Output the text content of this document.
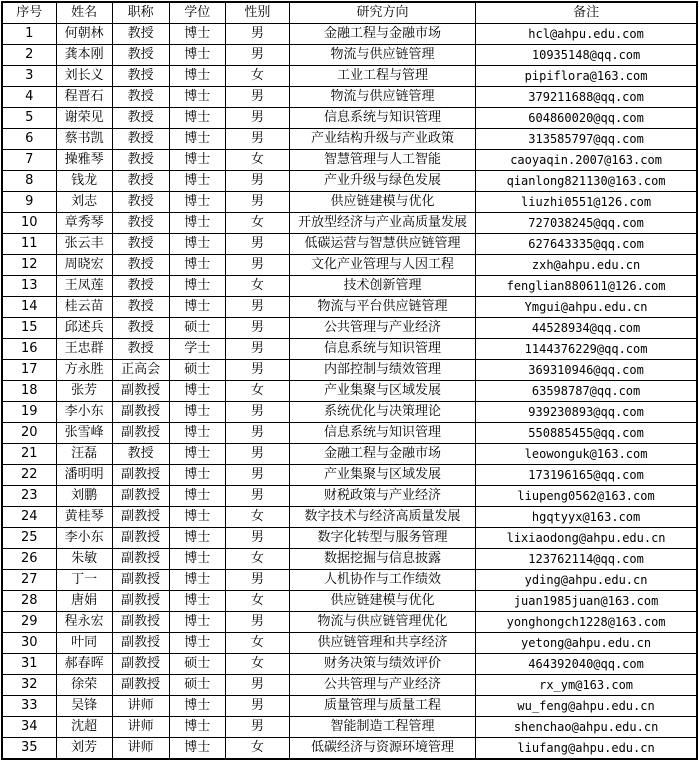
序号	姓名	职称	学位	性别	研究方向	备注
1	何朝林	教授	博士	男	金融工程与金融市场	hcl@ahpu.edu.com
2	龚本刚	教授	博士	男	物流与供应链管理	10935148@qq.com
3	刘长义	教授	博士	女	工业工程与管理	pipiflora@163.com
4	程晋石	教授	博士	男	物流与供应链管理	379211688@qq.com
5	谢荣见	教授	博士	男	信息系统与知识管理	604860020@qq.com
6	蔡书凯	教授	博士	男	产业结构升级与产业政策	313585797@qq.com
7	操雅琴	教授	博士	女	智慧管理与人工智能	caoyaqin.2007@163.com
8	钱龙	教授	博士	男	产业升级与绿色发展	qianlong821130@163.com
9	刘志	教授	博士	男	供应链建模与优化	liuzhi0551@126.com
10	章秀琴	教授	博士	女	开放型经济与产业高质量发展	727038245@qq.com
11	张云丰	教授	博士	男	低碳运营与智慧供应链管理	627643335@qq.com
12	周晓宏	教授	博士	男	文化产业管理与人因工程	zxh@ahpu.edu.cn
13	王凤莲	教授	博士	女	技术创新管理	fenglian880611@126.com
14	桂云苗	教授	博士	男	物流与平台供应链管理	Ymgui@ahpu.edu.cn
15	邱述兵	教授	硕士	男	公共管理与产业经济	44528934@qq.com
16	王忠群	教授	学士	男	信息系统与知识管理	1144376229@qq.com
17	方永胜	正高会	硕士	男	内部控制与绩效管理	369310946@qq.com
18	张芳	副教授	博士	女	产业集聚与区域发展	63598787@qq.com
19	李小东	副教授	博士	男	系统优化与决策理论	939230893@qq.com
20	张雪峰	副教授	博士	男	信息系统与知识管理	550885455@qq.com
21	汪磊	教授	博士	男	金融工程与金融市场	leowonguk@163.com
22	潘明明	副教授	博士	男	产业集聚与区域发展	173196165@qq.com
23	刘鹏	副教授	博士	男	财税政策与产业经济	liupeng0562@163.com
24	黄桂琴	副教授	博士	女	数字技术与经济高质量发展	hgqtyyx@163.com
25	李小东	副教授	博士	男	数字化转型与服务管理	lixiaodong@ahpu.edu.cn
26	朱敏	副教授	博士	女	数据挖掘与信息披露	123762114@qq.com
27	丁一	副教授	博士	男	人机协作与工作绩效	yding@ahpu.edu.cn
28	唐娟	副教授	博士	女	供应链建模与优化	juan1985juan@163.com
29	程永宏	副教授	博士	男	物流与供应链管理优化	yonghongch1228@163.com
30	叶同	副教授	博士	女	供应链管理和共享经济	yetong@ahpu.edu.cn
31	郝春晖	副教授	硕士	女	财务决策与绩效评价	464392040@qq.com
32	徐荣	副教授	硕士	男	公共管理与产业经济	rx_ym@163.com
33	吴锋	讲师	博士	男	质量管理与质量工程	wu_feng@ahpu.edu.cn
34	沈超	讲师	博士	男	智能制造工程管理	shenchao@ahpu.edu.cn
35	刘芳	讲师	博士	女	低碳经济与资源环境管理	liufang@ahpu.edu.cn
